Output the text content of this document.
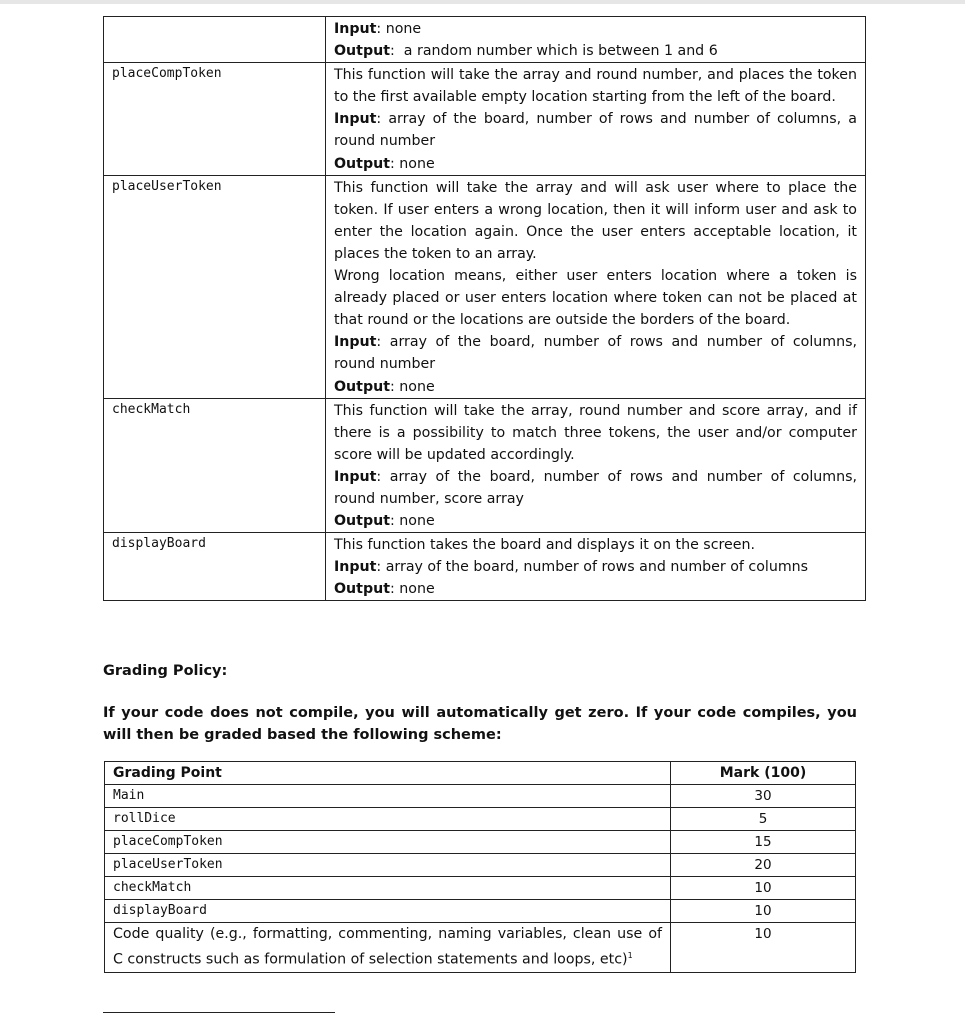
	Input: none

Output:  a random number which is between 1 and 6

placeCompToken	This function will take the array and round number, and places the token to the first available empty location starting from the left of the board.

Input: array of the board, number of rows and number of columns, a round number

Output: none

placeUserToken	This function will take the array and will ask user where to place the token. If user enters a wrong location, then it will inform user and ask to enter the location again. Once the user enters acceptable location, it places the token to an array.

Wrong location means, either user enters location where a token is already placed or user enters location where token can not be placed at that round or the locations are outside the borders of the board.

Input: array of the board, number of rows and number of columns, round number

Output: none

checkMatch	This function will take the array, round number and score array, and if there is a possibility to match three tokens, the user and/or computer score will be updated accordingly.

Input: array of the board, number of rows and number of columns, round number, score array

Output: none

displayBoard	This function takes the board and displays it on the screen.

Input: array of the board, number of rows and number of columns

Output: none

Grading Policy:
If your code does not compile, you will automatically get zero. If your code compiles, you will then be graded based the following scheme:
Grading Point	Mark (100)
Main	30
rollDice	5
placeCompToken	15
placeUserToken	20
checkMatch	10
displayBoard	10
Code quality (e.g., formatting, commenting, naming variables, clean use of C constructs such as formulation of selection statements and loops, etc)$^1$	10
